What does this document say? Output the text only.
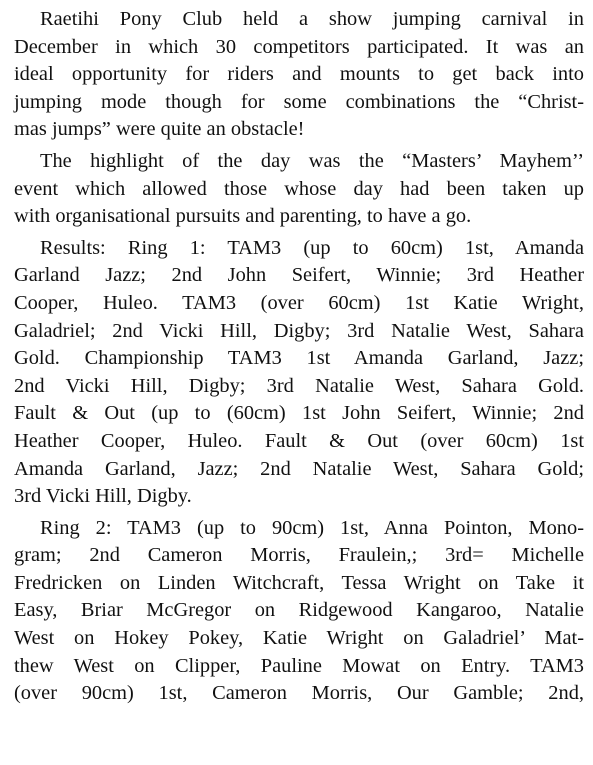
Raetihi Pony Club held a show jumping carnival in
December in which 30 competitors participated. It was an
ideal opportunity for riders and mounts to get back into
jumping mode though for some combinations the “Christ-
mas jumps” were quite an obstacle!
The highlight of the day was the “Masters’ Mayhem’’
event which allowed those whose day had been taken up
with organisational pursuits and parenting, to have a go.
Results: Ring 1: TAM3 (up to 60cm) 1st, Amanda
Garland Jazz; 2nd John Seifert, Winnie; 3rd Heather
Cooper, Huleo. TAM3 (over 60cm) 1st Katie Wright,
Galadriel; 2nd Vicki Hill, Digby; 3rd Natalie West, Sahara
Gold. Championship TAM3 1st Amanda Garland, Jazz;
2nd Vicki Hill, Digby; 3rd Natalie West, Sahara Gold.
Fault & Out (up to (60cm) 1st John Seifert, Winnie; 2nd
Heather Cooper, Huleo. Fault & Out (over 60cm) 1st
Amanda Garland, Jazz; 2nd Natalie West, Sahara Gold;
3rd Vicki Hill, Digby.
Ring 2: TAM3 (up to 90cm) 1st, Anna Pointon, Mono-
gram; 2nd Cameron Morris, Fraulein,; 3rd= Michelle
Fredricken on Linden Witchcraft, Tessa Wright on Take it
Easy, Briar McGregor on Ridgewood Kangaroo, Natalie
West on Hokey Pokey, Katie Wright on Galadriel’ Mat-
thew West on Clipper, Pauline Mowat on Entry. TAM3
(over 90cm) 1st, Cameron Morris, Our Gamble; 2nd,
